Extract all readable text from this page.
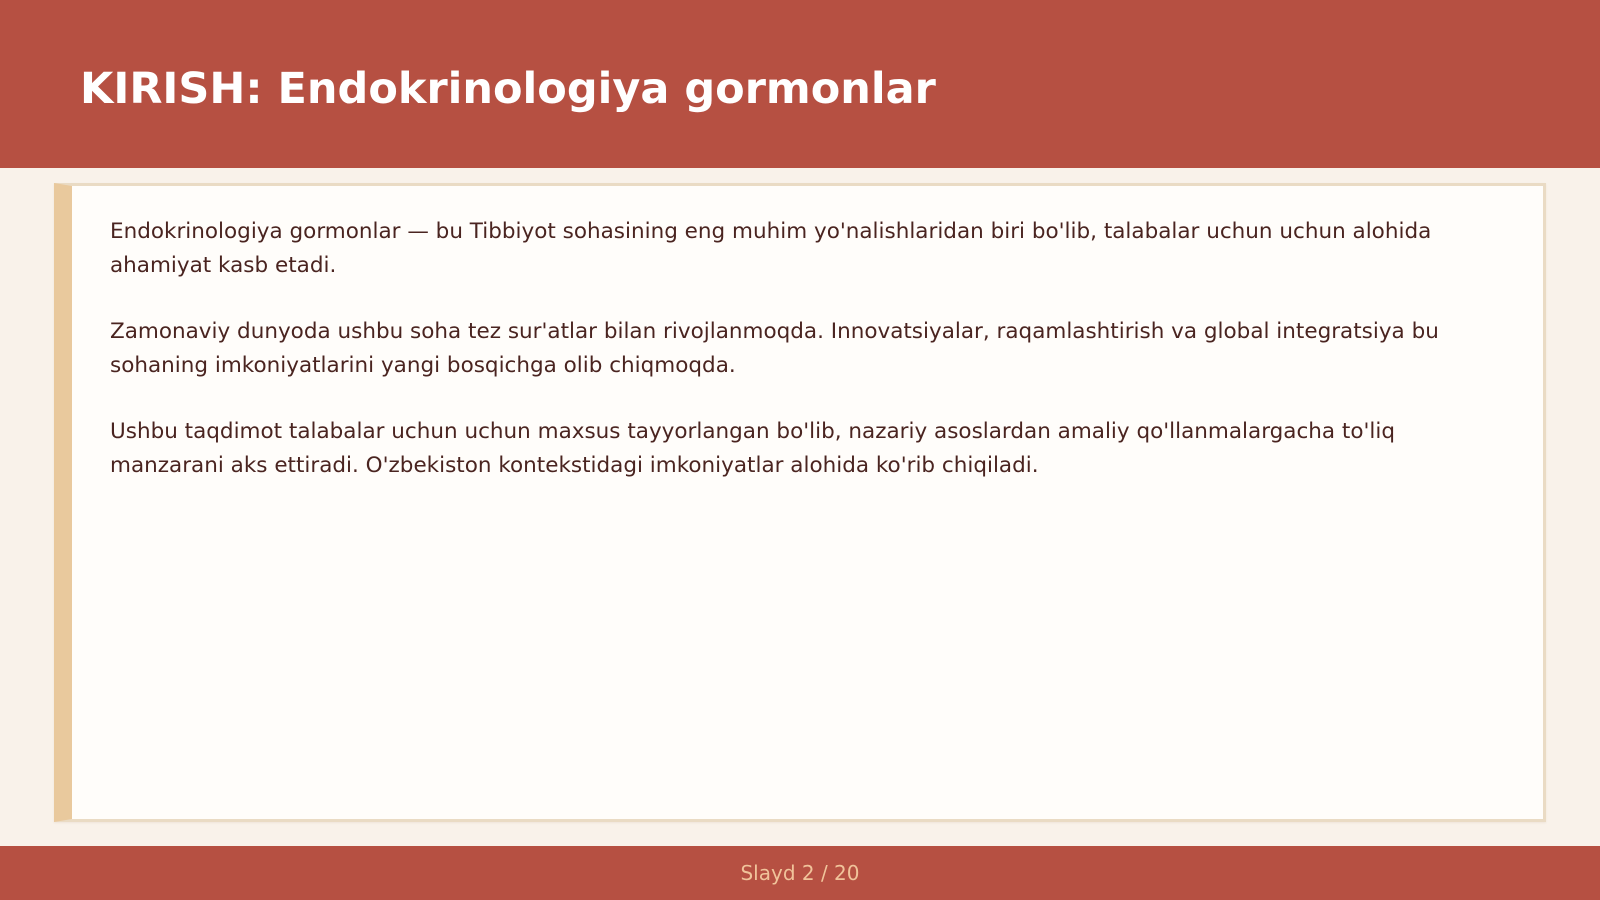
KIRISH: Endokrinologiya gormonlar

Endokrinologiya gormonlar — bu Tibbiyot sohasining eng muhim yo'nalishlaridan biri bo'lib, talabalar uchun uchun alohida ahamiyat kasb etadi.

Zamonaviy dunyoda ushbu soha tez sur'atlar bilan rivojlanmoqda. Innovatsiyalar, raqamlashtirish va global integratsiya bu sohaning imkoniyatlarini yangi bosqichga olib chiqmoqda.

Ushbu taqdimot talabalar uchun uchun maxsus tayyorlangan bo'lib, nazariy asoslardan amaliy qo'llanmalargacha to'liq manzarani aks ettiradi. O'zbekiston kontekstidagi imkoniyatlar alohida ko'rib chiqiladi.

Slayd 2 / 20
